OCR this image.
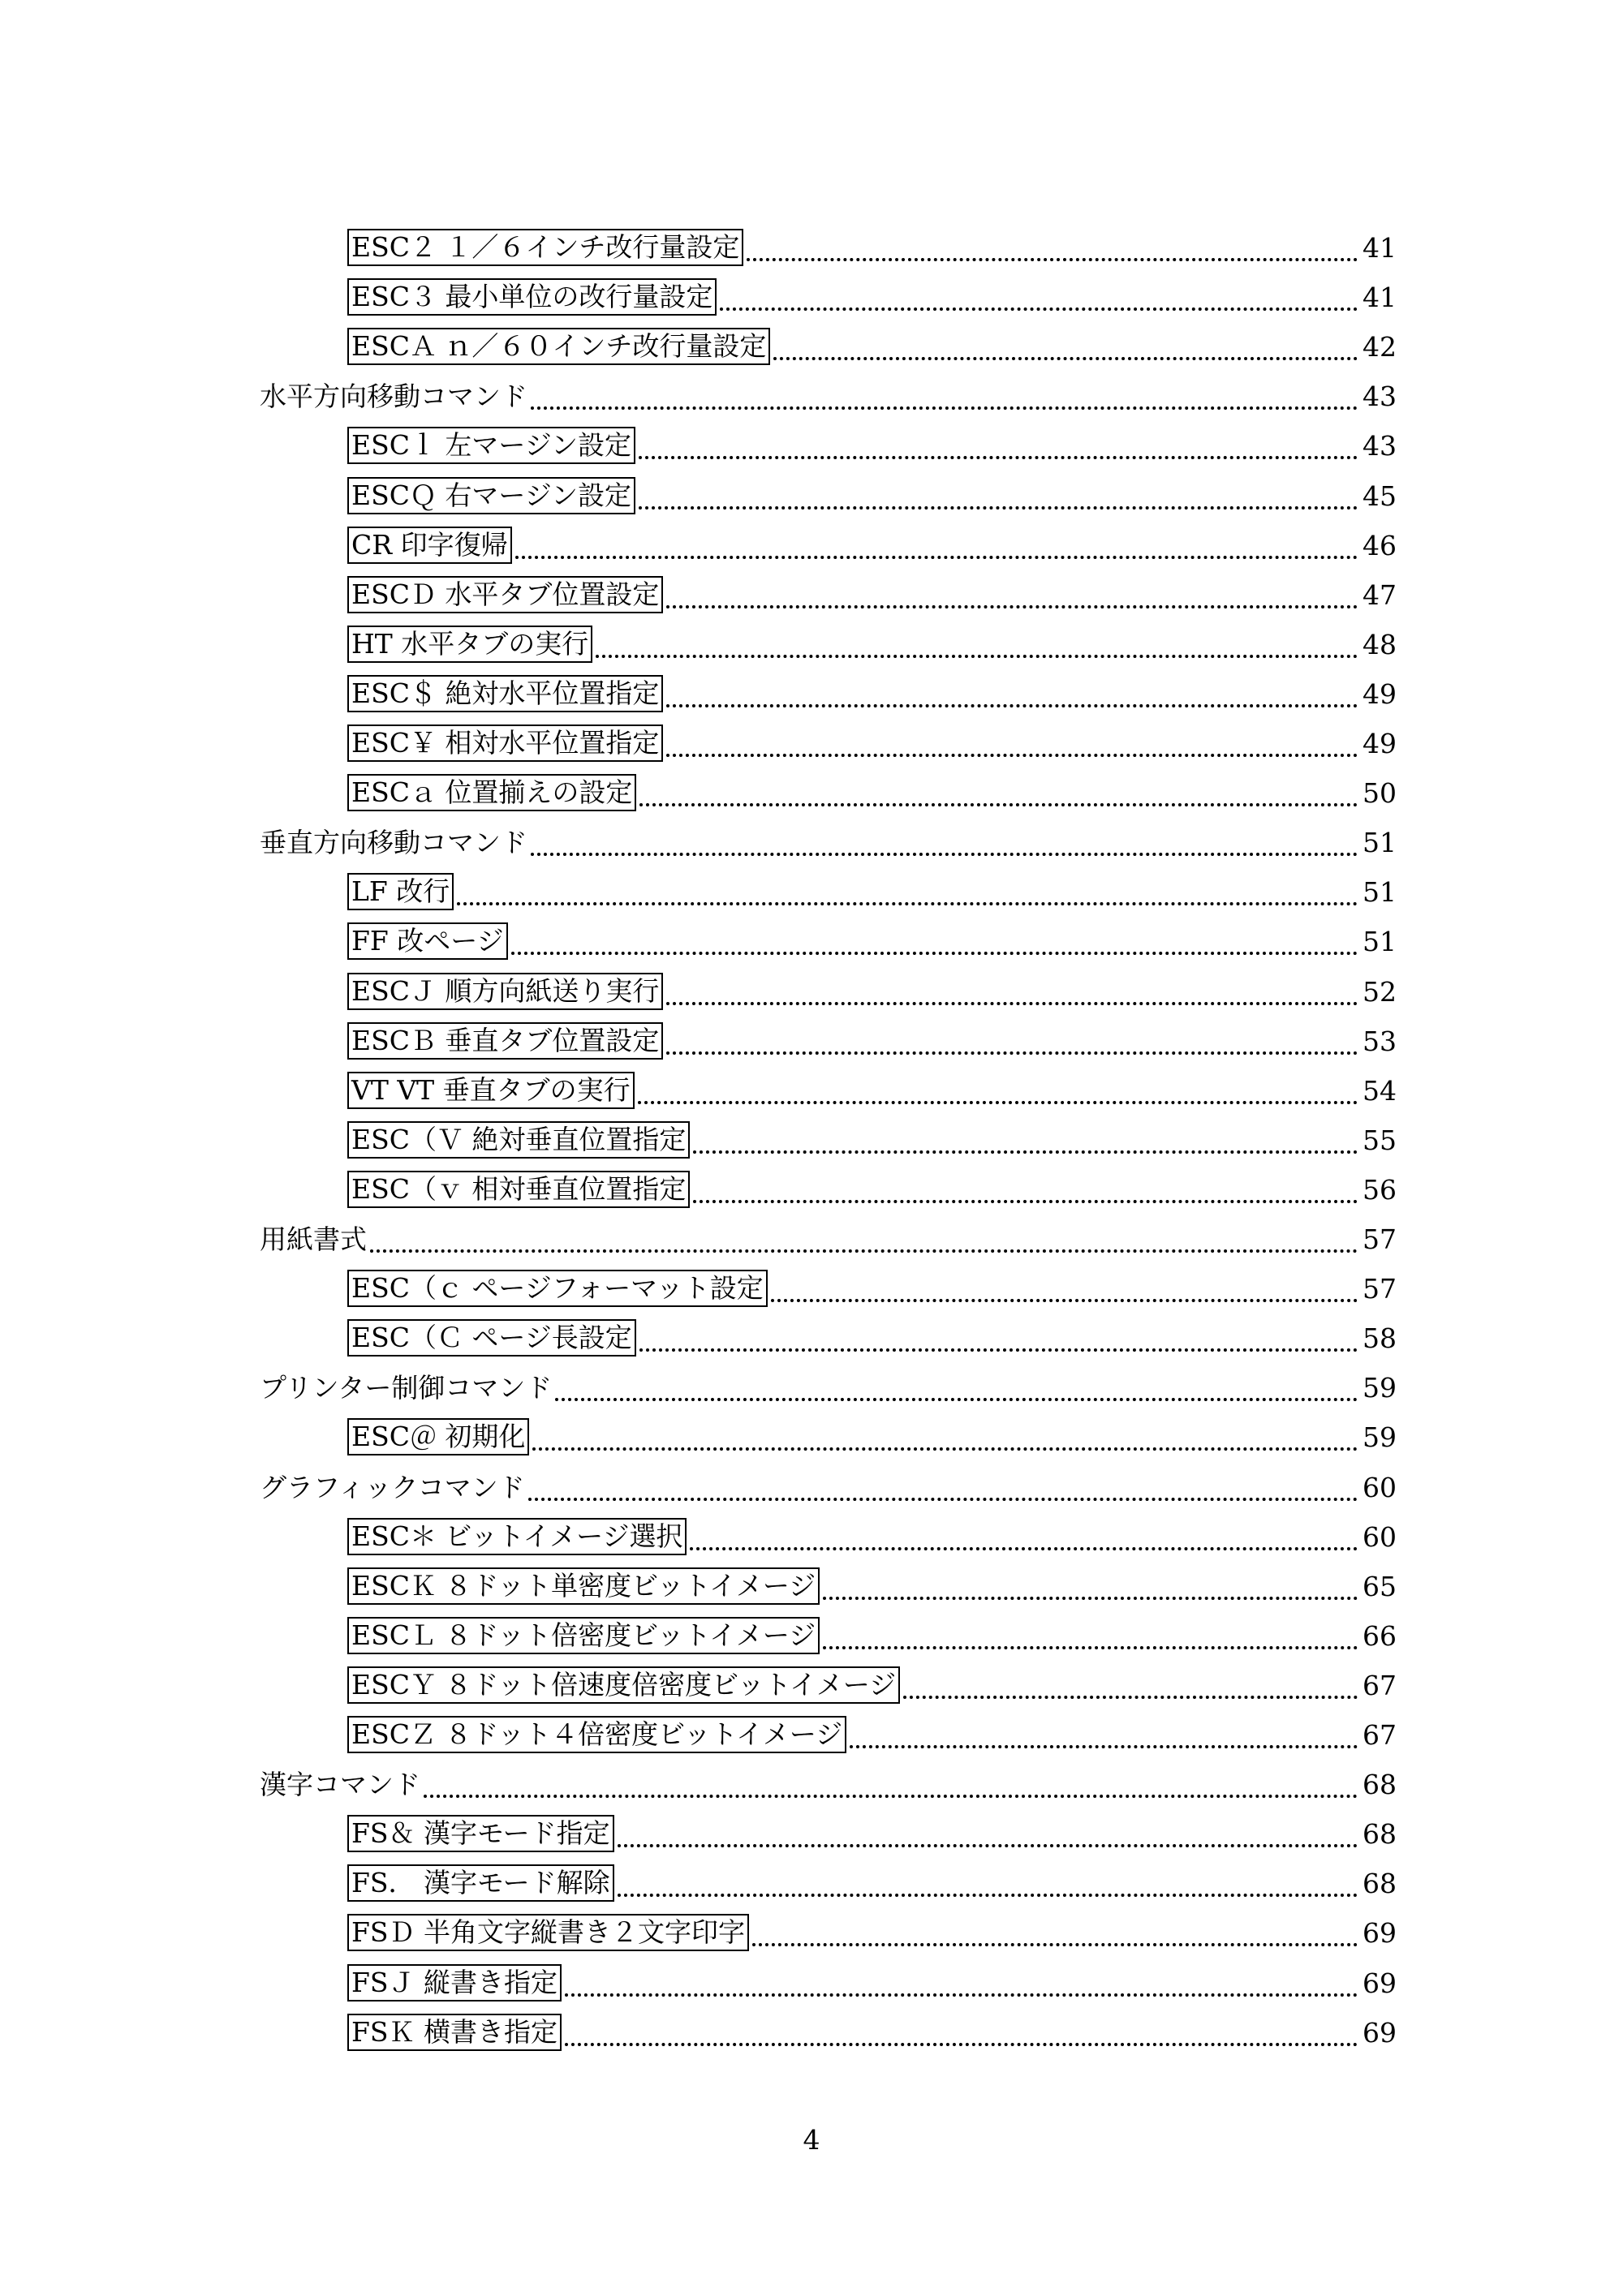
ESC２ １／６インチ改行量設定	41
ESC３ 最小単位の改行量設定	41
ESCＡ ｎ／６０インチ改行量設定	42
水平方向移動コマンド	43
ESCｌ 左マージン設定	43
ESCＱ 右マージン設定	45
CR 印字復帰	46
ESCＤ 水平タブ位置設定	47
HT 水平タブの実行	48
ESC＄ 絶対水平位置指定	49
ESC￥ 相対水平位置指定	49
ESCａ 位置揃えの設定	50
垂直方向移動コマンド	51
LF 改行	51
FF 改ページ	51
ESCＪ 順方向紙送り実行	52
ESCＢ 垂直タブ位置設定	53
VT VT 垂直タブの実行	54
ESC（Ｖ 絶対垂直位置指定	55
ESC（ｖ 相対垂直位置指定	56
用紙書式	57
ESC（ｃ ページフォーマット設定	57
ESC（Ｃ ページ長設定	58
プリンター制御コマンド	59
ESC＠ 初期化	59
グラフィックコマンド	60
ESC＊ ビットイメージ選択	60
ESCＫ ８ドット単密度ビットイメージ	65
ESCＬ ８ドット倍密度ビットイメージ	66
ESCＹ ８ドット倍速度倍密度ビットイメージ	67
ESCＺ ８ドット４倍密度ビットイメージ	67
漢字コマンド	68
FS＆ 漢字モード指定	68
FS． 漢字モード解除	68
FSＤ 半角文字縦書き２文字印字	69
FSＪ 縦書き指定	69
FSＫ 横書き指定	69
4
